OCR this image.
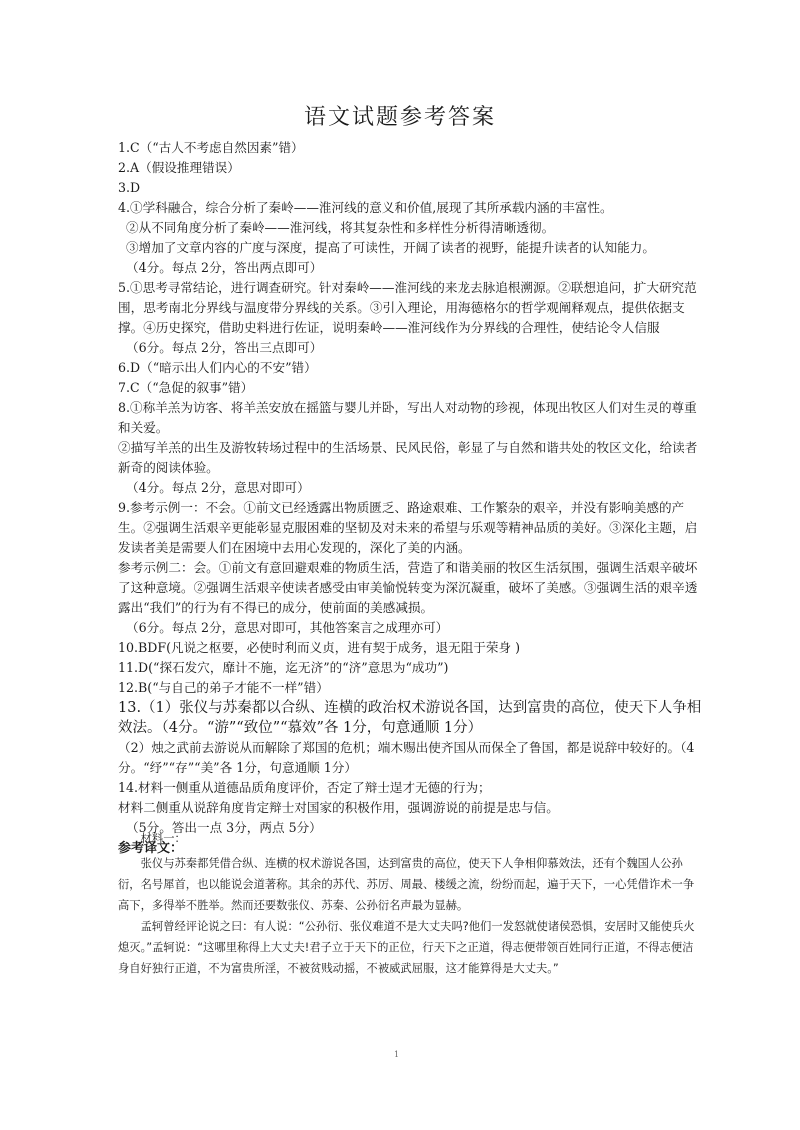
语文试题参考答案

1.C（“古人不考虑自然因素”错）

2.A（假设推理错误）

3.D

4.①学科融合，综合分析了秦岭——淮河线的意义和价值,展现了其所承载内涵的丰富性。

②从不同角度分析了秦岭——淮河线，将其复杂性和多样性分析得清晰透彻。

③增加了文章内容的广度与深度，提高了可读性，开阔了读者的视野，能提升读者的认知能力。

（4分。每点 2分，答出两点即可）

5.①思考寻常结论，进行调查研究。针对秦岭——淮河线的来龙去脉追根溯源。②联想追问，扩大研究范围，思考南北分界线与温度带分界线的关系。③引入理论，用海德格尔的哲学观阐释观点，提供依据支撑。④历史探究，借助史料进行佐证，说明秦岭——淮河线作为分界线的合理性，使结论令人信服

（6分。每点 2分，答出三点即可）

6.D（“暗示出人们内心的不安”错）

7.C（“急促的叙事”错）

8.①称羊羔为访客、将羊羔安放在摇篮与婴儿并卧，写出人对动物的珍视，体现出牧区人们对生灵的尊重和关爱。

②描写羊羔的出生及游牧转场过程中的生活场景、民风民俗，彰显了与自然和谐共处的牧区文化，给读者新奇的阅读体验。

（4分。每点 2分，意思对即可）

9.参考示例一：不会。①前文已经透露出物质匮乏、路途艰难、工作繁杂的艰辛，并没有影响美感的产生。②强调生活艰辛更能彰显克服困难的坚韧及对未来的希望与乐观等精神品质的美好。③深化主题，启发读者美是需要人们在困境中去用心发现的，深化了美的内涵。

参考示例二：会。①前文有意回避艰难的物质生活，营造了和谐美丽的牧区生活氛围，强调生活艰辛破坏了这种意境。②强调生活艰辛使读者感受由审美愉悦转变为深沉凝重，破坏了美感。③强调生活的艰辛透露出“我们”的行为有不得已的成分，使前面的美感减损。

（6分。每点 2分，意思对即可，其他答案言之成理亦可）

10.BDF(凡说之枢要，必使时利而义贞，进有契于成务，退无阻于荣身 )

11.D(“探石发穴，靡计不施，迄无济”的“济”意思为“成功”)

12.B(“与自己的弟子才能不一样”错）

13.（1）张仪与苏秦都以合纵、连横的政治权术游说各国，达到富贵的高位，使天下人争相效法。（4分。“游”“致位”“慕效”各 1分，句意通顺 1分）

（2）烛之武前去游说从而解除了郑国的危机；端木赐出使齐国从而保全了鲁国，都是说辞中较好的。（4分。“纾”“存”“美”各 1分，句意通顺 1分）

14.材料一侧重从道德品质角度评价，否定了辩士逞才无德的行为；

材料二侧重从说辞角度肯定辩士对国家的积极作用，强调游说的前提是忠与信。

（5分。答出一点 3分，两点 5分）

参考译文：

材料一：

张仪与苏秦都凭借合纵、连横的权术游说各国，达到富贵的高位，使天下人争相仰慕效法，还有个魏国人公孙衍，名号犀首，也以能说会道著称。其余的苏代、苏厉、周最、楼缓之流，纷纷而起，遍于天下，一心凭借诈术一争高下，多得举不胜举。然而还要数张仪、苏秦、公孙衍名声最为显赫。

孟轲曾经评论说之曰：有人说：“公孙衍、张仪难道不是大丈夫吗?他们一发怒就使诸侯恐惧，安居时又能使兵火熄灭。”孟轲说：“这哪里称得上大丈夫!君子立于天下的正位，行天下之正道，得志便带领百姓同行正道，不得志便洁身自好独行正道，不为富贵所淫，不被贫贱动摇，不被威武屈服，这才能算得是大丈夫。”

1
